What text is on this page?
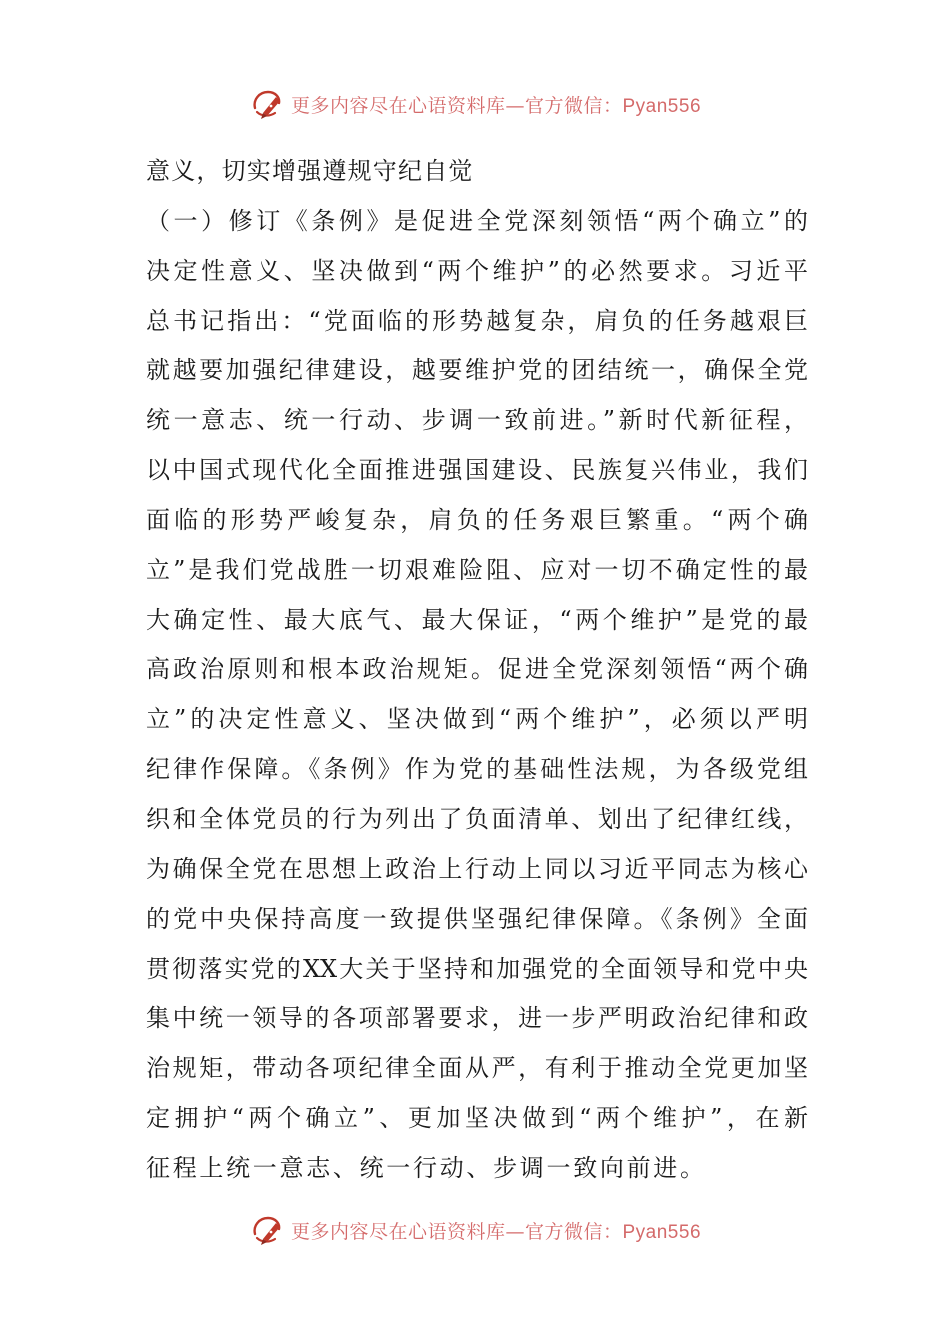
更多内容尽在心语资料库—官方微信：Pyan556
意义，切实增强遵规守纪自觉
（一）修订《条例》是促进全党深刻领悟“两个确立”的
决定性意义、坚决做到“两个维护”的必然要求。习近平
总书记指出：“党面临的形势越复杂，肩负的任务越艰巨
就越要加强纪律建设，越要维护党的团结统一，确保全党
统一意志、统一行动、步调一致前进。”新时代新征程，
以中国式现代化全面推进强国建设、民族复兴伟业，我们
面临的形势严峻复杂，肩负的任务艰巨繁重。“两个确
立”是我们党战胜一切艰难险阻、应对一切不确定性的最
大确定性、最大底气、最大保证，“两个维护”是党的最
高政治原则和根本政治规矩。促进全党深刻领悟“两个确
立”的决定性意义、坚决做到“两个维护”，必须以严明
纪律作保障。《条例》作为党的基础性法规，为各级党组
织和全体党员的行为列出了负面清单、划出了纪律红线，
为确保全党在思想上政治上行动上同以习近平同志为核心
的党中央保持高度一致提供坚强纪律保障。《条例》全面
贯彻落实党的XX大关于坚持和加强党的全面领导和党中央
集中统一领导的各项部署要求，进一步严明政治纪律和政
治规矩，带动各项纪律全面从严，有利于推动全党更加坚
定拥护“两个确立”、更加坚决做到“两个维护”，在新
征程上统一意志、统一行动、步调一致向前进。
更多内容尽在心语资料库—官方微信：Pyan556
